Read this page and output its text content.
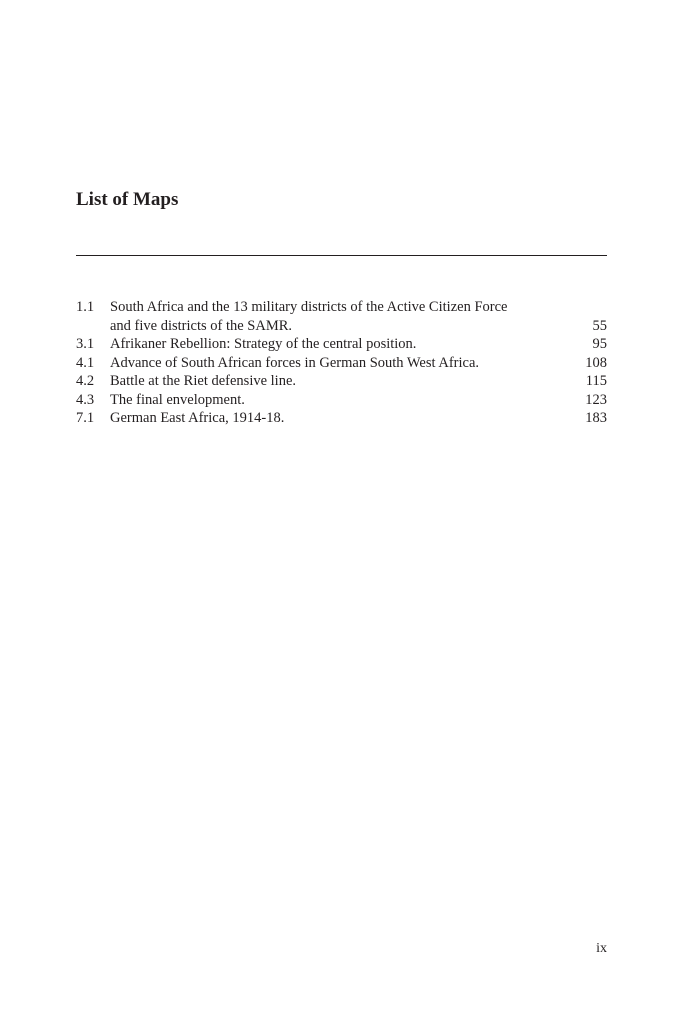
List of Maps
1.1	South Africa and the 13 military districts of the Active Citizen Force
and five districts of the SAMR.	55
3.1	Afrikaner Rebellion: Strategy of the central position.	95
4.1	Advance of South African forces in German South West Africa.	108
4.2	Battle at the Riet defensive line.	115
4.3	The final envelopment.	123
7.1	German East Africa, 1914-18.	183
ix
